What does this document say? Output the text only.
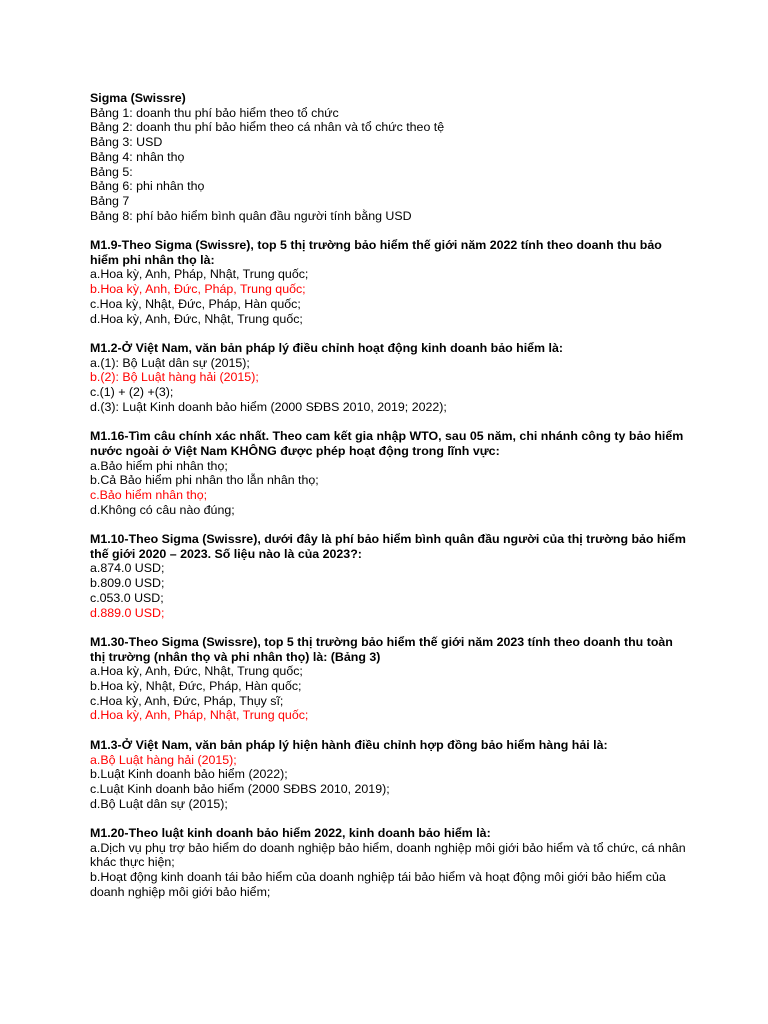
Sigma (Swissre)
Bảng 1: doanh thu phí bảo hiểm theo tổ chức
Bảng 2: doanh thu phí bảo hiểm theo cá nhân và tổ chức theo tệ
Bảng 3: USD
Bảng 4: nhân thọ
Bảng 5:
Bảng 6: phi nhân thọ
Bảng 7
Bảng 8: phí bảo hiểm bình quân đầu người tính bằng USD
M1.9-Theo Sigma (Swissre), top 5 thị trường bảo hiểm thế giới năm 2022 tính theo doanh thu bảo hiểm phi nhân thọ là:
a.Hoa kỳ, Anh, Pháp, Nhật, Trung quốc;
b.Hoa kỳ, Anh, Đức, Pháp, Trung quốc;
c.Hoa kỳ, Nhật, Đức, Pháp, Hàn quốc;
d.Hoa kỳ, Anh, Đức, Nhật, Trung quốc;
M1.2-Ở Việt Nam, văn bản pháp lý điều chỉnh hoạt động kinh doanh bảo hiểm là:
a.(1): Bộ Luật dân sự (2015);
b.(2): Bộ Luật hàng hải (2015);
c.(1) + (2) +(3);
d.(3): Luật Kinh doanh bảo hiểm (2000 SĐBS 2010, 2019; 2022);
M1.16-Tìm câu chính xác nhất. Theo cam kết gia nhập WTO, sau 05 năm, chi nhánh công ty bảo hiểm nước ngoài ở Việt Nam KHÔNG được phép hoạt động trong lĩnh vực:
a.Bảo hiểm phi nhân thọ;
b.Cả Bảo hiểm phi nhân tho lẫn nhân thọ;
c.Bảo hiểm nhân thọ;
d.Không có câu nào đúng;
M1.10-Theo Sigma (Swissre), dưới đây là phí bảo hiểm bình quân đầu người của thị trường bảo hiểm thế giới 2020 – 2023. Số liệu nào là của 2023?:
a.874.0 USD;
b.809.0 USD;
c.053.0 USD;
d.889.0 USD;
M1.30-Theo Sigma (Swissre), top 5 thị trường bảo hiểm thế giới năm 2023 tính theo doanh thu toàn thị trường (nhân thọ và phi nhân thọ) là: (Bảng 3)
a.Hoa kỳ, Anh, Đức, Nhật, Trung quốc;
b.Hoa kỳ, Nhật, Đức, Pháp, Hàn quốc;
c.Hoa kỳ, Anh, Đức, Pháp, Thụy sĩ;
d.Hoa kỳ, Anh, Pháp, Nhật, Trung quốc;
M1.3-Ở Việt Nam, văn bản pháp lý hiện hành điều chỉnh hợp đồng bảo hiểm hàng hải là:
a.Bộ Luật hàng hải (2015);
b.Luật Kinh doanh bảo hiểm (2022);
c.Luật Kinh doanh bảo hiểm (2000 SĐBS 2010, 2019);
d.Bộ Luật dân sự (2015);
M1.20-Theo luật kinh doanh bảo hiểm 2022, kinh doanh bảo hiểm là:
a.Dịch vụ phụ trợ bảo hiểm do doanh nghiệp bảo hiểm, doanh nghiệp môi giới bảo hiểm và tổ chức, cá nhân khác thực hiện;
b.Hoạt động kinh doanh tái bảo hiểm của doanh nghiệp tái bảo hiểm và hoạt động môi giới bảo hiểm của doanh nghiệp môi giới bảo hiểm;
